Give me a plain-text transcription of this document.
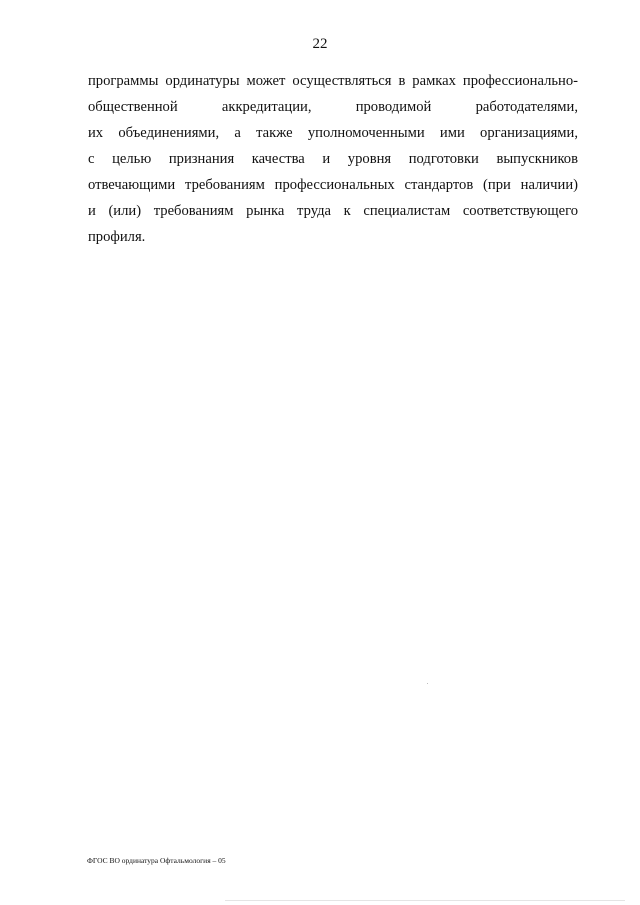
22
программы ординатуры может осуществляться в рамках профессионально-
общественной аккредитации, проводимой работодателями,
их объединениями, а также уполномоченными ими организациями,
с целью признания качества и уровня подготовки выпускников
отвечающими требованиям профессиональных стандартов (при наличии)
и (или) требованиям рынка труда к специалистам соответствующего
профиля.
ФГОС ВО ординатура Офтальмология – 05
